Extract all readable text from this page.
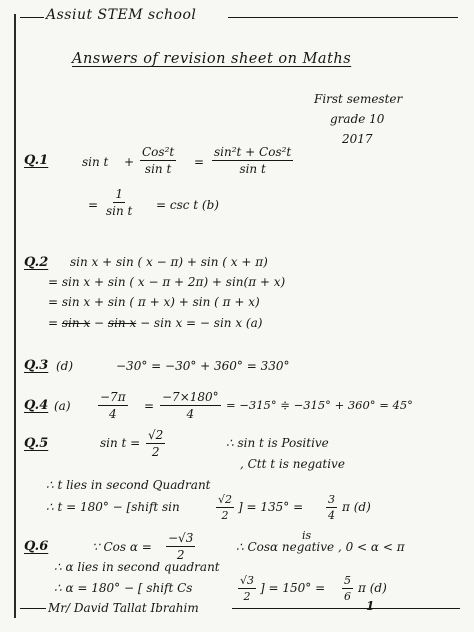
Assiut STEM school
Answers of revision sheet on Maths
First semester
grade 10
2017
Q.1	sin t +
Cos²t
sin t =
sin²t + Cos²t
sin t
= $\frac{1}{\text{sin t}} = \csc t$ (b)
Q.2 sin x + sin ( x − π) + sin ( x + π)
= sin x + sin ( x − π + 2π) + sin(π + x)
= sin x + sin ( π + x) + sin ( π + x)
= sin x − sin x − sin x = − sin x (a)
Q.3 (d)	−30° = −30° + 360° = 330°
Q.4 $(a) \frac{-7\pi}{4} = \frac{-7\times 180^\circ}{4} = -315^\circ$ ≑ −315° + 360° = 45°
Q.5	$\sin t = \frac{√2}{2}$	∴ sin t is Positive
, Ctt t is negative
∴ t lies in second Quadrant
∴ t = 180° − [shift sin	$\frac{√2}{2}$ ] = $135^\circ = \frac{3}{4}$ π (d)
Q.6	∵ Cos $\alpha = \frac{-√3}{2}$	is
∴ Cosα negative , 0 < α < π
∴ α lies in second quadrant
∴ α = 180° − [ shift Cs	$\frac{√3}{2}$ ] = $150^\circ = \frac{5}{6}$ π (d)
Mr/ David Tallat Ibrahim	1
